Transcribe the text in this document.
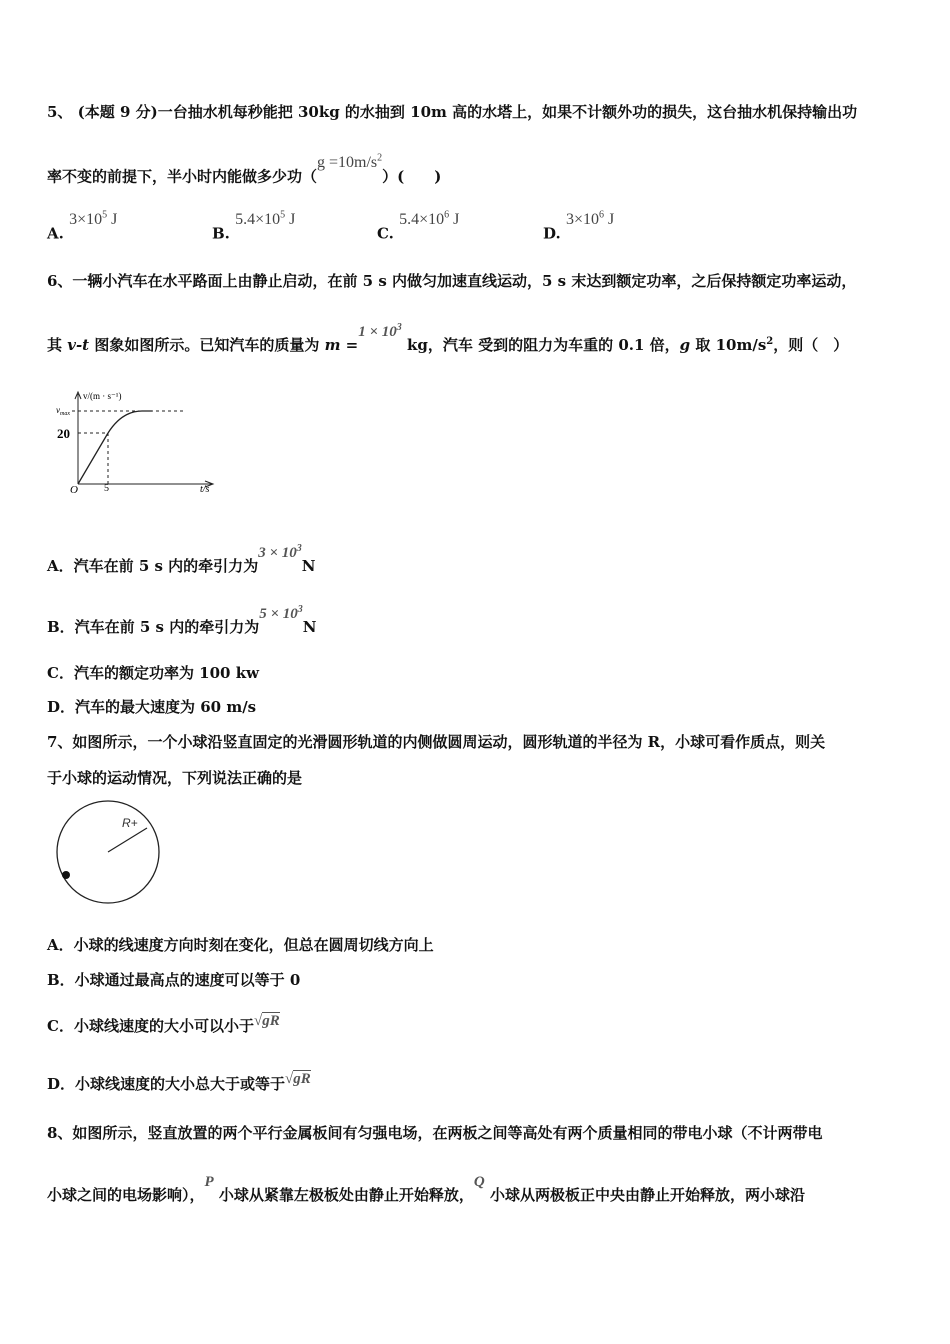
5、 (本题 9 分)一台抽水机每秒能把 30kg 的水抽到 10m 高的水塔上，如果不计额外功的损失，这台抽水机保持输出功
率不变的前提下，半小时内能做多少功$(g =10m/s^2)$(　　)
A. $3\times 10^5$ J
B. $5.4\times 10^5$ J
C. $5.4\times 10^6$ J
D. $3\times 10^6$ J
6、一辆小汽车在水平路面上由静止启动，在前 5 s 内做匀加速直线运动，5 s 末达到额定功率，之后保持额定功率运动，
其 v-t 图象如图所示。已知汽车的质量为 $m =1 \times 10^3$ kg，汽车 受到的阻力为车重的 0.1 倍，g 取 $10m/s^2$，则（　）
v/(m · s⁻¹)
$v_{max}$
20
O	5	t/s
A．汽车在前 5 s 内的牵引力为$3 \times 10^3N$
B．汽车在前 5 s 内的牵引力为$5 \times 10^3N$
C．汽车的额定功率为 100 kw
D．汽车的最大速度为 60 m/s
7、如图所示，一个小球沿竖直固定的光滑圆形轨道的内侧做圆周运动，圆形轨道的半径为 R，小球可看作质点，则关
于小球的运动情况，下列说法正确的是
R+
A．小球的线速度方向时刻在变化，但总在圆周切线方向上
B．小球通过最高点的速度可以等于 0
C．小球线速度的大小可以小于√gR
D．小球线速度的大小总大于或等于√gR
8、如图所示，竖直放置的两个平行金属板间有匀强电场，在两板之间等高处有两个质量相同的带电小球（不计两带电
小球之间的电场影响），P 小球从紧靠左极板处由静止开始释放，Q 小球从两极板正中央由静止开始释放，两小球沿
